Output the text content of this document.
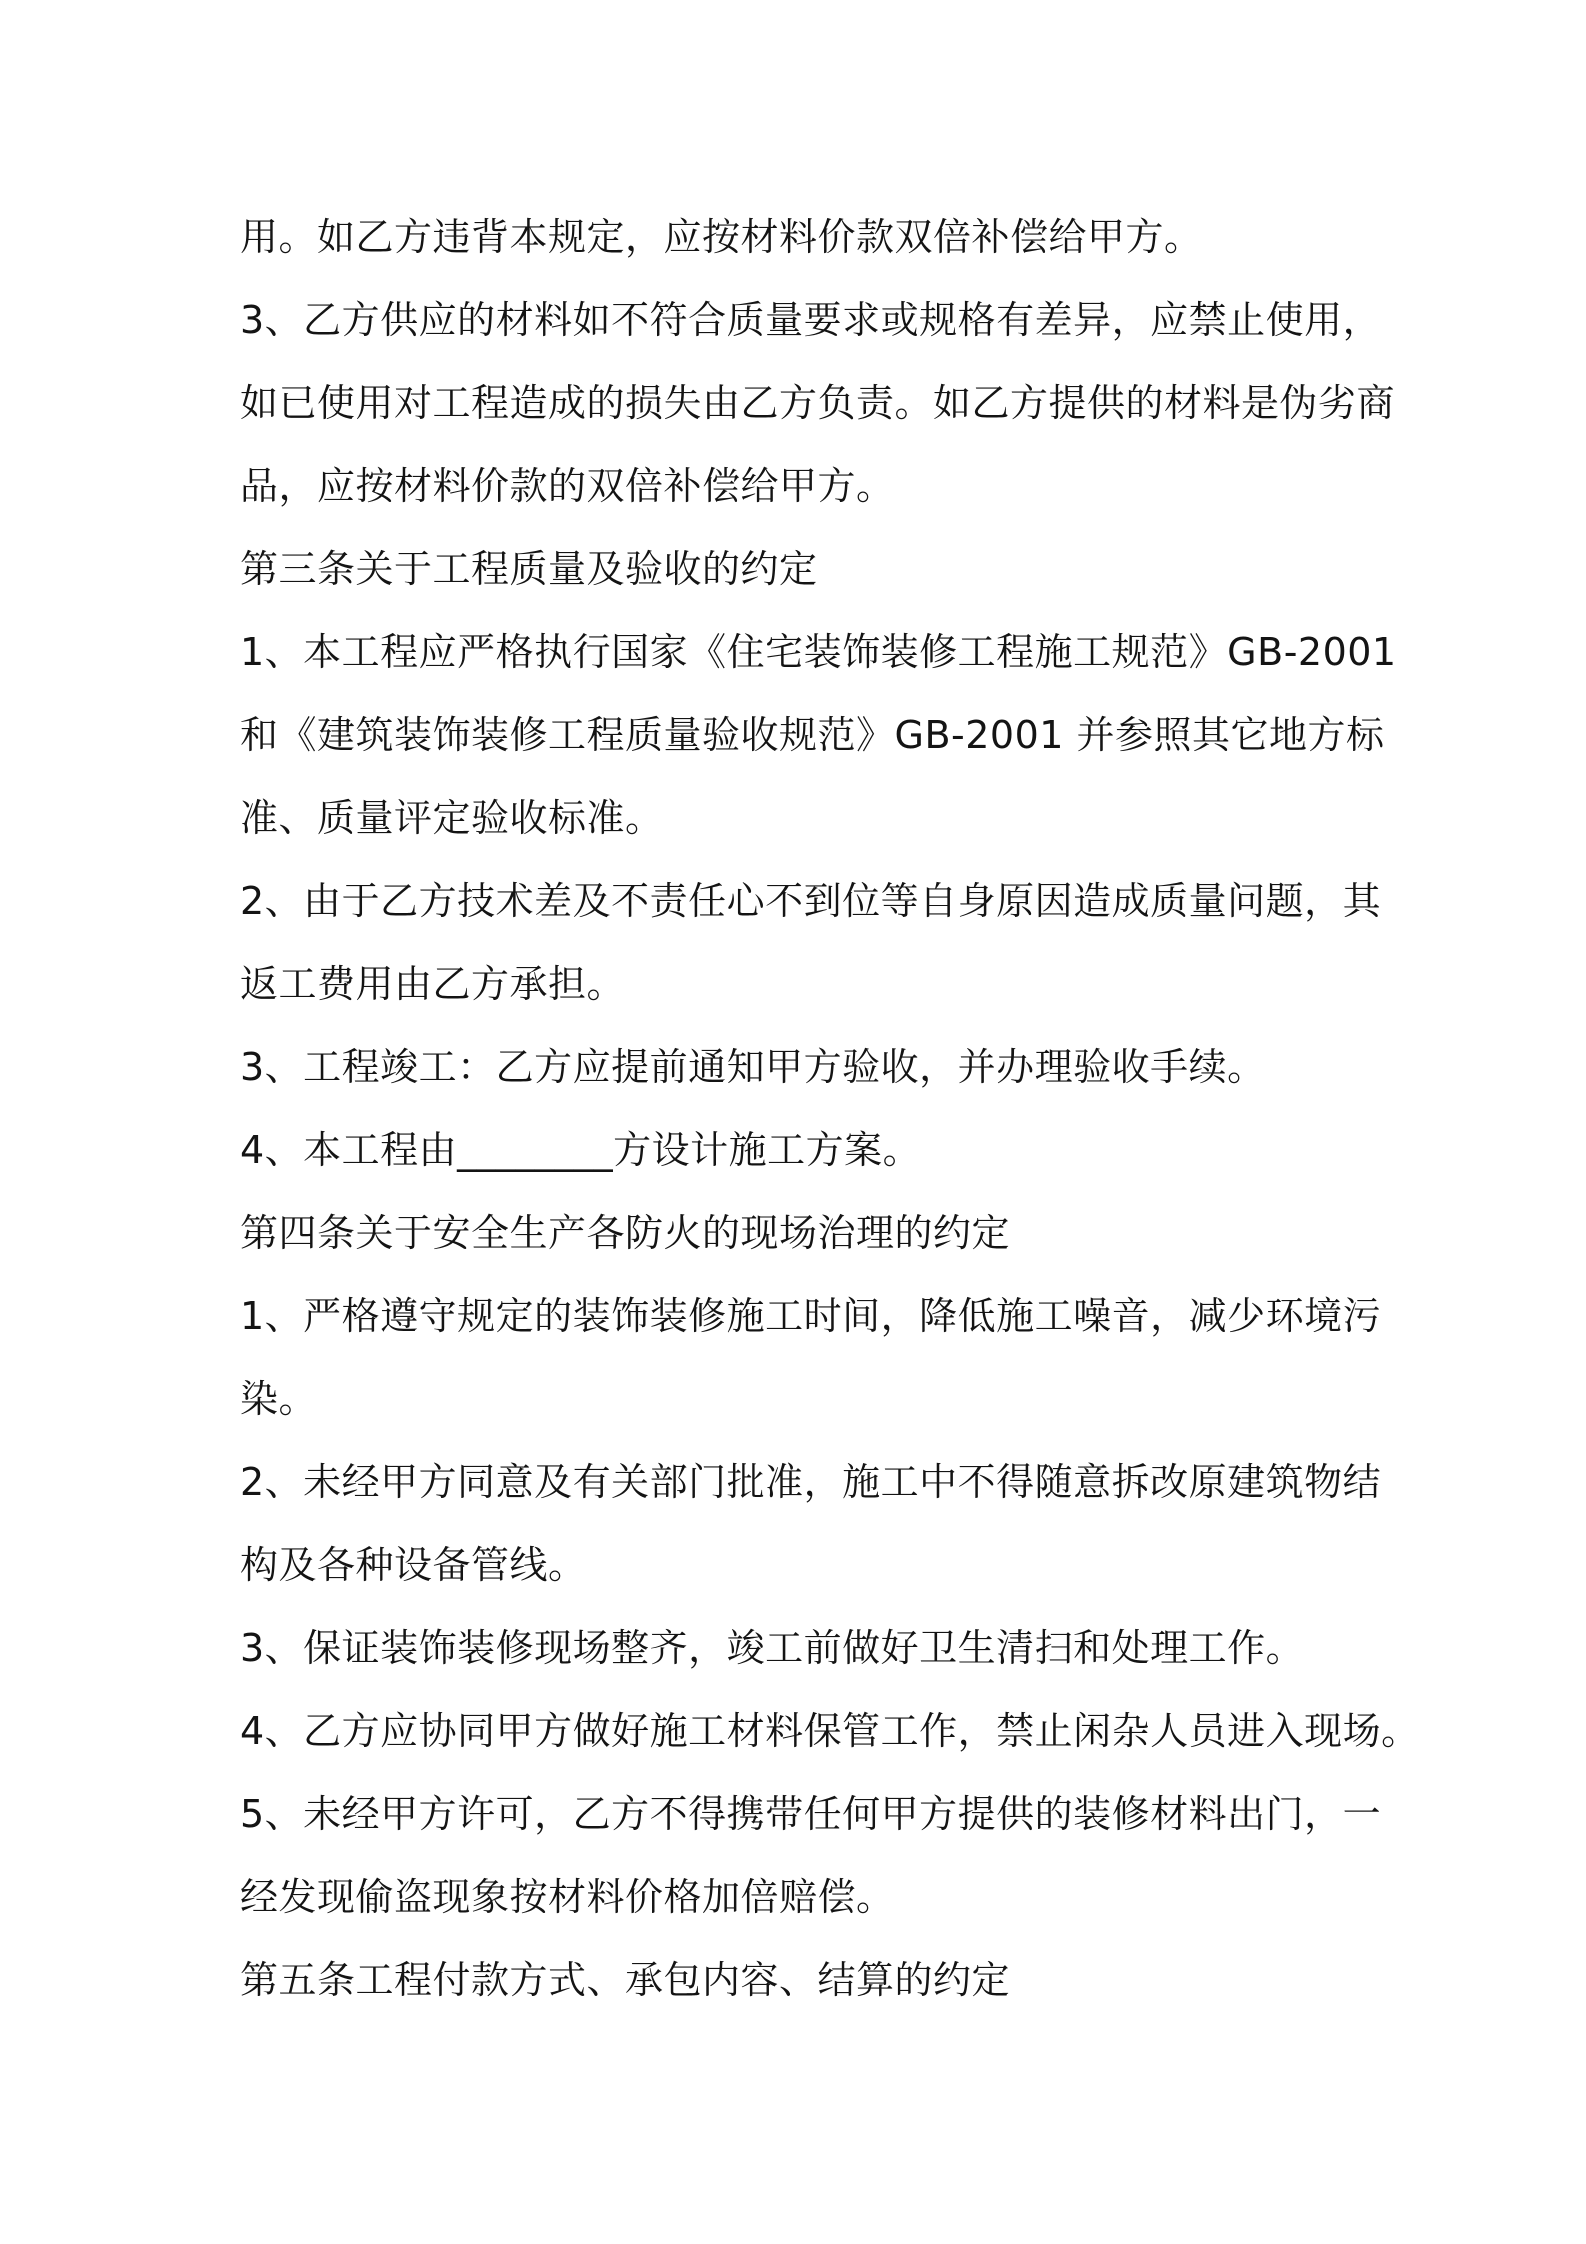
用。如乙方违背本规定，应按材料价款双倍补偿给甲方。
3、乙方供应的材料如不符合质量要求或规格有差异，应禁止使用，
如已使用对工程造成的损失由乙方负责。如乙方提供的材料是伪劣商
品，应按材料价款的双倍补偿给甲方。
第三条关于工程质量及验收的约定
1、本工程应严格执行国家《住宅装饰装修工程施工规范》GB-2001
和《建筑装饰装修工程质量验收规范》GB-2001 并参照其它地方标
准、质量评定验收标准。
2、由于乙方技术差及不责任心不到位等自身原因造成质量问题，其
返工费用由乙方承担。
3、工程竣工：乙方应提前通知甲方验收，并办理验收手续。
4、本工程由________方设计施工方案。
第四条关于安全生产各防火的现场治理的约定
1、严格遵守规定的装饰装修施工时间，降低施工噪音，减少环境污
染。
2、未经甲方同意及有关部门批准，施工中不得随意拆改原建筑物结
构及各种设备管线。
3、保证装饰装修现场整齐，竣工前做好卫生清扫和处理工作。
4、乙方应协同甲方做好施工材料保管工作，禁止闲杂人员进入现场。
5、未经甲方许可，乙方不得携带任何甲方提供的装修材料出门，一
经发现偷盗现象按材料价格加倍赔偿。
第五条工程付款方式、承包内容、结算的约定
